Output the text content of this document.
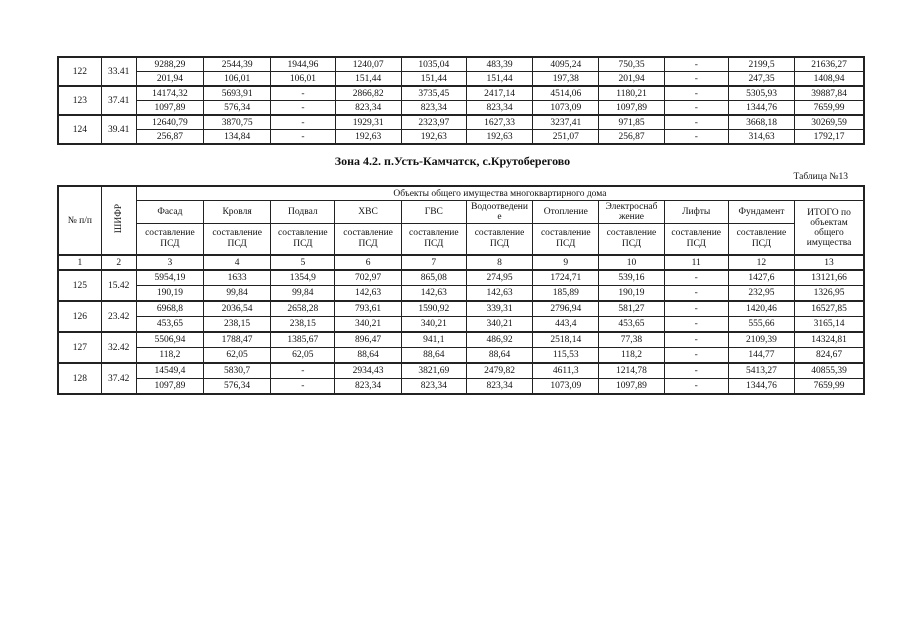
122	33.41	9288,29	2544,39	1944,96	1240,07	1035,04	483,39	4095,24	750,35	-	2199,5	21636,27
		201,94	106,01	106,01	151,44	151,44	151,44	197,38	201,94	-	247,35	1408,94
123	37.41	14174,32	5693,91	-	2866,82	3735,45	2417,14	4514,06	1180,21	-	5305,93	39887,84
		1097,89	576,34	-	823,34	823,34	823,34	1073,09	1097,89	-	1344,76	7659,99
124	39.41	12640,79	3870,75	-	1929,31	2323,97	1627,33	3237,41	971,85	-	3668,18	30269,59
		256,87	134,84	-	192,63	192,63	192,63	251,07	256,87	-	314,63	1792,17
Зона 4.2. п.Усть-Камчатск, с.Крутоберегово
Таблица №13
№ п/п	ШИФР	Объекты общего имущества многоквартирного дома										
		Фасад	Кровля	Подвал	ХВС	ГВС	Водоотведени е	Отопление	Электроснаб жение	Лифты	Фундамент	ИТОГО по объектам общего имущества
		составление ПСД	составление ПСД	составление ПСД	составление ПСД	составление ПСД	составление ПСД	составление ПСД	составление ПСД	составление ПСД	составление ПСД	
1	2	3	4	5	6	7	8	9	10	11	12	13
125	15.42	5954,19	1633	1354,9	702,97	865,08	274,95	1724,71	539,16	-	1427,6	13121,66
		190,19	99,84	99,84	142,63	142,63	142,63	185,89	190,19	-	232,95	1326,95
126	23.42	6968,8	2036,54	2658,28	793,61	1590,92	339,31	2796,94	581,27	-	1420,46	16527,85
		453,65	238,15	238,15	340,21	340,21	340,21	443,4	453,65	-	555,66	3165,14
127	32.42	5506,94	1788,47	1385,67	896,47	941,1	486,92	2518,14	77,38	-	2109,39	14324,81
		118,2	62,05	62,05	88,64	88,64	88,64	115,53	118,2	-	144,77	824,67
128	37.42	14549,4	5830,7	-	2934,43	3821,69	2479,82	4611,3	1214,78	-	5413,27	40855,39
		1097,89	576,34	-	823,34	823,34	823,34	1073,09	1097,89	-	1344,76	7659,99
